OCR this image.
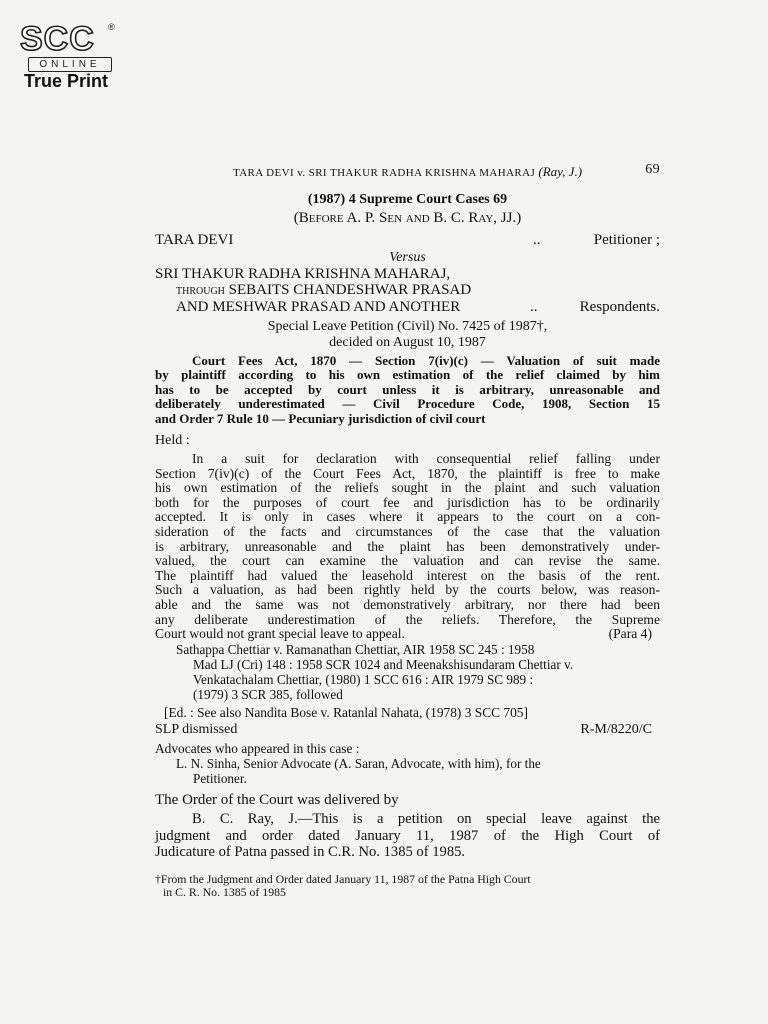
SCC ®
ONLINE
True Print
TARA DEVI v. SRI THAKUR RADHA KRISHNA MAHARAJ (Ray, J.)	69
(1987) 4 Supreme Court Cases 69
(Before A. P. Sen and B. C. Ray, JJ.)
TARA DEVI	..	Petitioner ;
Versus
SRI THAKUR RADHA KRISHNA MAHARAJ,
THROUGH SEBAITS CHANDESHWAR PRASAD
AND MESHWAR PRASAD AND ANOTHER	..	Respondents.
Special Leave Petition (Civil) No. 7425 of 1987†,
decided on August 10, 1987
Court Fees Act, 1870 — Section 7(iv)(c) — Valuation of suit made
by plaintiff according to his own estimation of the relief claimed by him
has to be accepted by court unless it is arbitrary, unreasonable and
deliberately underestimated — Civil Procedure Code, 1908, Section 15
and Order 7 Rule 10 — Pecuniary jurisdiction of civil court
Held :
In a suit for declaration with consequential relief falling under
Section 7(iv)(c) of the Court Fees Act, 1870, the plaintiff is free to make
his own estimation of the reliefs sought in the plaint and such valuation
both for the purposes of court fee and jurisdiction has to be ordinarily
accepted. It is only in cases where it appears to the court on a con-
sideration of the facts and circumstances of the case that the valuation
is arbitrary, unreasonable and the plaint has been demonstratively under-
valued, the court can examine the valuation and can revise the same.
The plaintiff had valued the leasehold interest on the basis of the rent.
Such a valuation, as had been rightly held by the courts below, was reason-
able and the same was not demonstratively arbitrary, nor there had been
any deliberate underestimation of the reliefs. Therefore, the Supreme
Court would not grant special leave to appeal.	(Para 4)
Sathappa Chettiar v. Ramanathan Chettiar, AIR 1958 SC 245 : 1958
Mad LJ (Cri) 148 : 1958 SCR 1024 and Meenakshisundaram Chettiar v.
Venkatachalam Chettiar, (1980) 1 SCC 616 : AIR 1979 SC 989 :
(1979) 3 SCR 385, followed
[Ed. : See also Nandita Bose v. Ratanlal Nahata, (1978) 3 SCC 705]
SLP dismissed	R-M/8220/C
Advocates who appeared in this case :
L. N. Sinha, Senior Advocate (A. Saran, Advocate, with him), for the
Petitioner.
The Order of the Court was delivered by
B. C. Ray, J.—This is a petition on special leave against the
judgment and order dated January 11, 1987 of the High Court of
Judicature of Patna passed in C.R. No. 1385 of 1985.
†From the Judgment and Order dated January 11, 1987 of the Patna High Court
in C. R. No. 1385 of 1985
